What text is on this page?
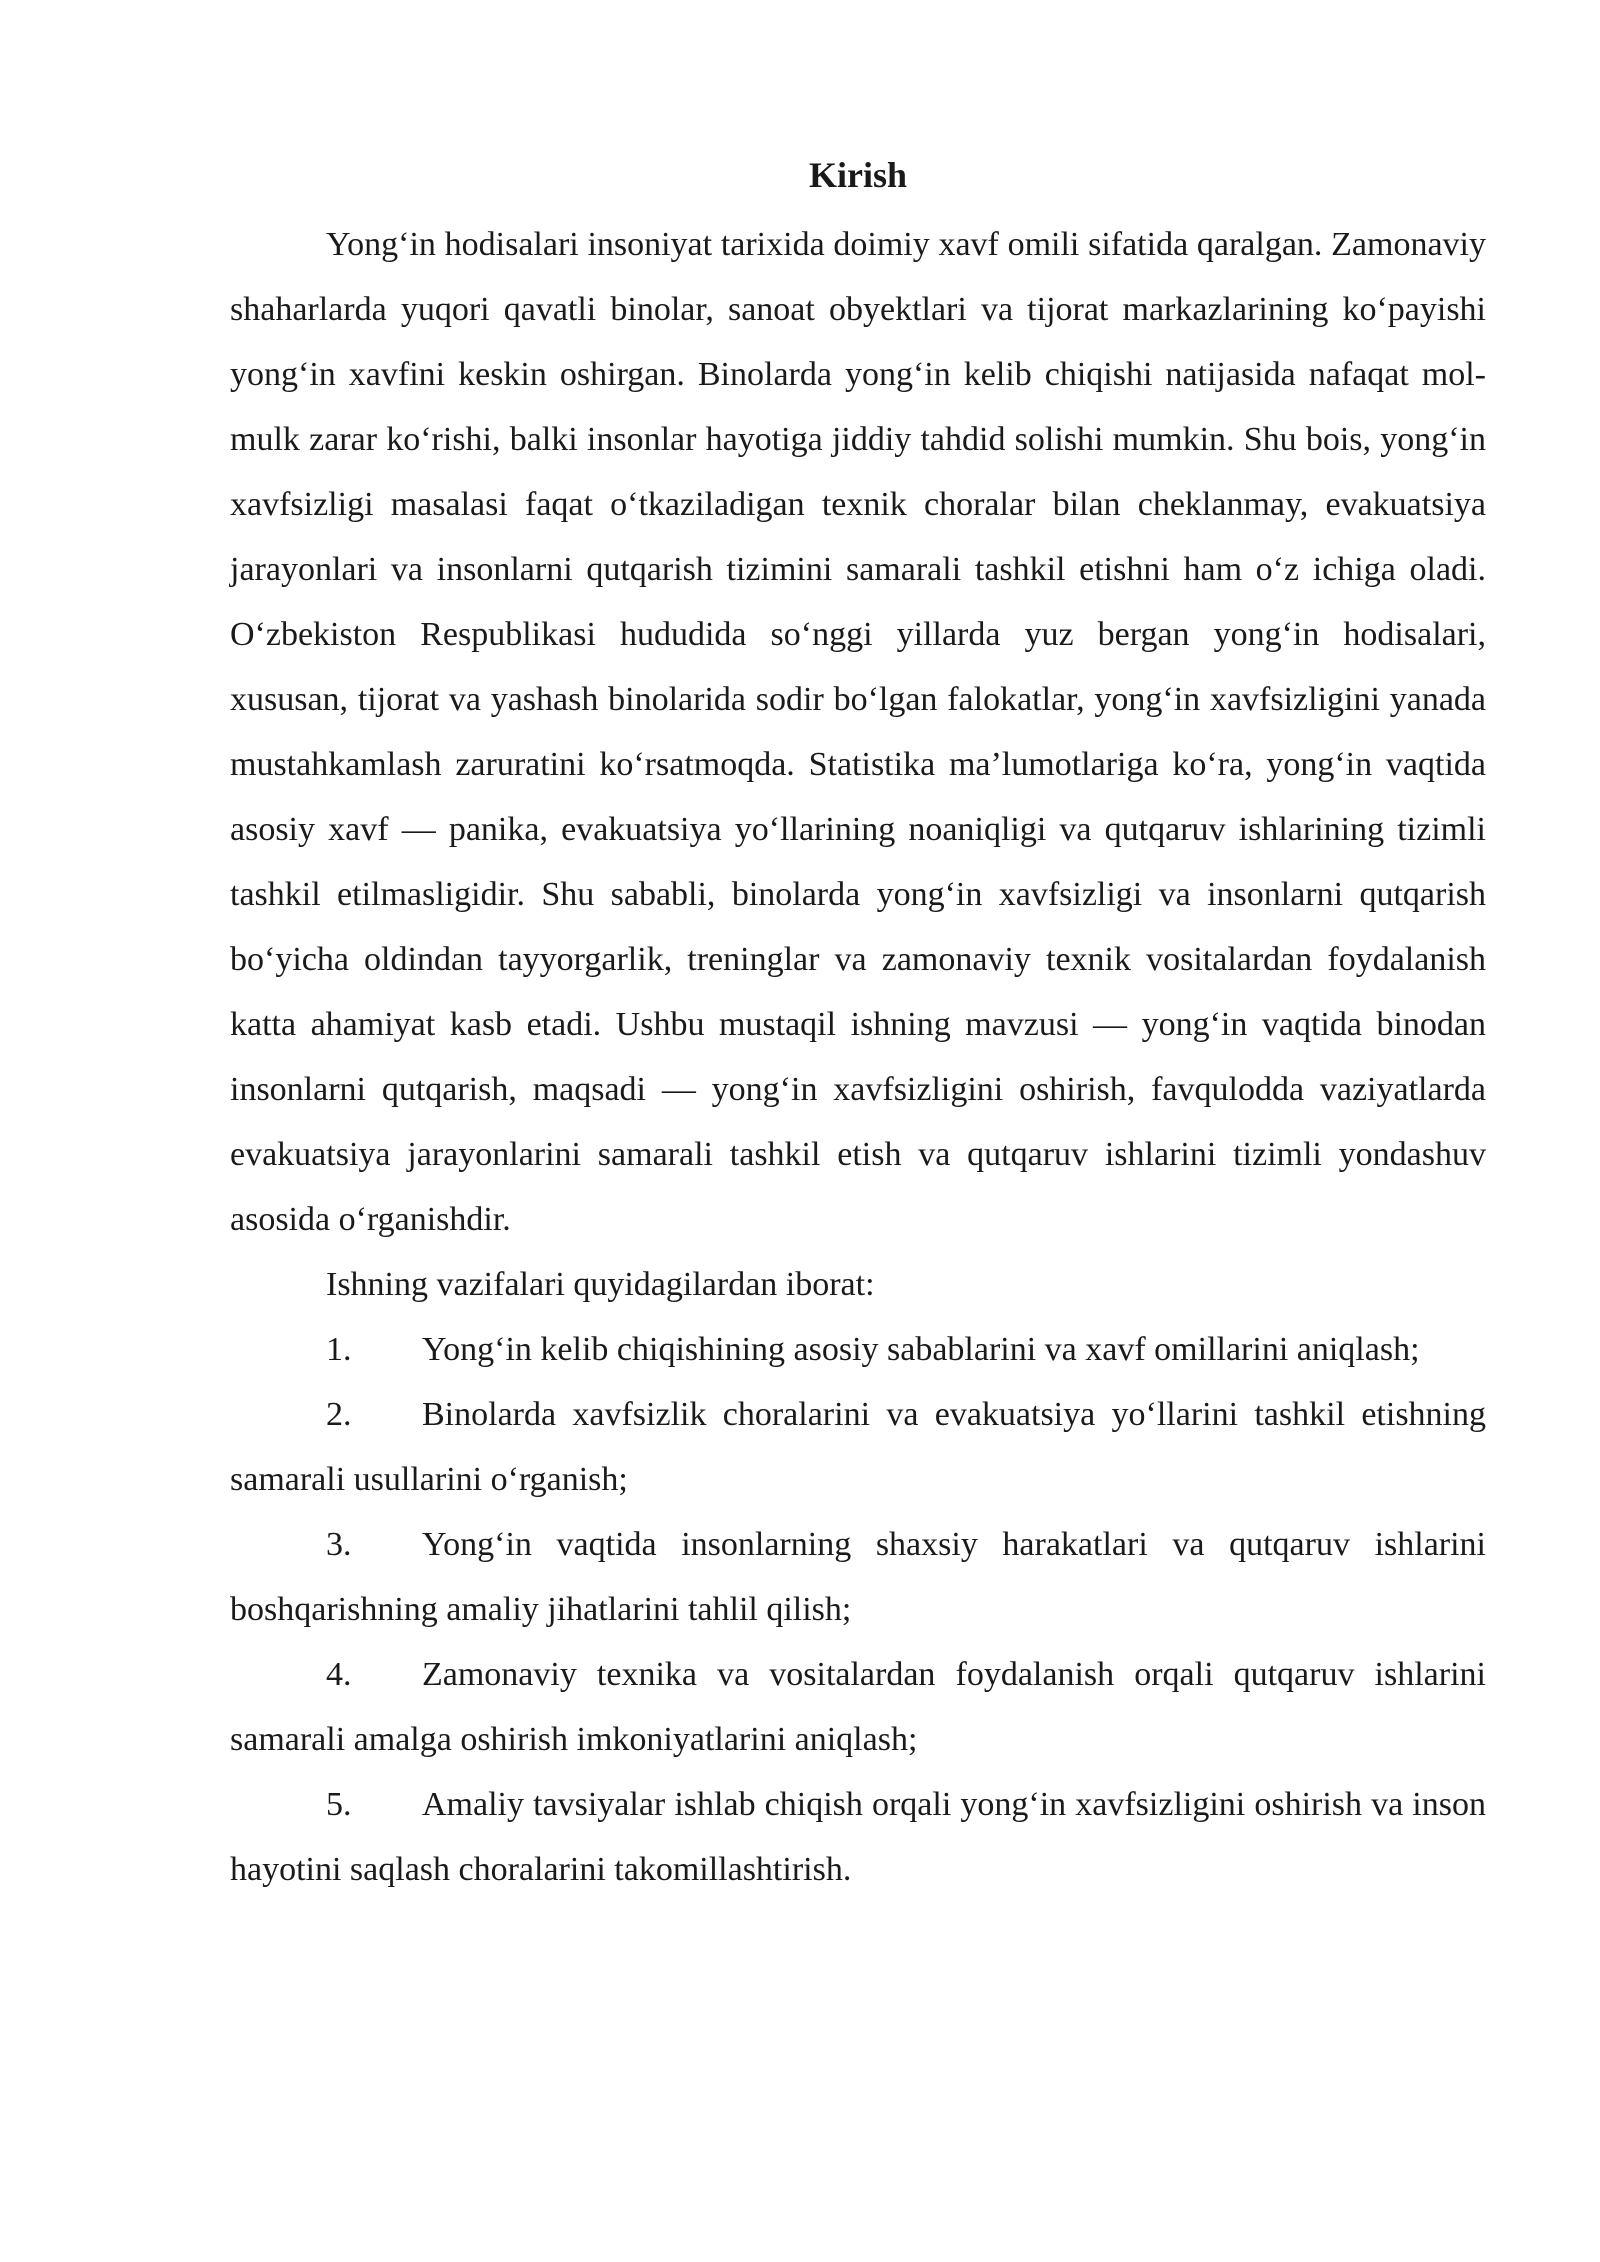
Kirish

Yong‘in hodisalari insoniyat tarixida doimiy xavf omili sifatida qaralgan. Zamonaviy shaharlarda yuqori qavatli binolar, sanoat obyektlari va tijorat markazlarining ko‘payishi yong‘in xavfini keskin oshirgan. Binolarda yong‘in kelib chiqishi natijasida nafaqat mol-mulk zarar ko‘rishi, balki insonlar hayotiga jiddiy tahdid solishi mumkin. Shu bois, yong‘in xavfsizligi masalasi faqat o‘tkaziladigan texnik choralar bilan cheklanmay, evakuatsiya jarayonlari va insonlarni qutqarish tizimini samarali tashkil etishni ham o‘z ichiga oladi. O‘zbekiston Respublikasi hududida so‘nggi yillarda yuz bergan yong‘in hodisalari, xususan, tijorat va yashash binolarida sodir bo‘lgan falokatlar, yong‘in xavfsizligini yanada mustahkamlash zaruratini ko‘rsatmoqda. Statistika ma’lumotlariga ko‘ra, yong‘in vaqtida asosiy xavf — panika, evakuatsiya yo‘llarining noaniqligi va qutqaruv ishlarining tizimli tashkil etilmasligidir. Shu sababli, binolarda yong‘in xavfsizligi va insonlarni qutqarish bo‘yicha oldindan tayyorgarlik, treninglar va zamonaviy texnik vositalardan foydalanish katta ahamiyat kasb etadi. Ushbu mustaqil ishning mavzusi — yong‘in vaqtida binodan insonlarni qutqarish, maqsadi — yong‘in xavfsizligini oshirish, favqulodda vaziyatlarda evakuatsiya jarayonlarini samarali tashkil etish va qutqaruv ishlarini tizimli yondashuv asosida o‘rganishdir.

Ishning vazifalari quyidagilardan iborat:

1. Yong‘in kelib chiqishining asosiy sabablarini va xavf omillarini aniqlash;
2. Binolarda xavfsizlik choralarini va evakuatsiya yo‘llarini tashkil etishning samarali usullarini o‘rganish;
3. Yong‘in vaqtida insonlarning shaxsiy harakatlari va qutqaruv ishlarini boshqarishning amaliy jihatlarini tahlil qilish;
4. Zamonaviy texnika va vositalardan foydalanish orqali qutqaruv ishlarini samarali amalga oshirish imkoniyatlarini aniqlash;
5. Amaliy tavsiyalar ishlab chiqish orqali yong‘in xavfsizligini oshirish va inson hayotini saqlash choralarini takomillashtirish.
